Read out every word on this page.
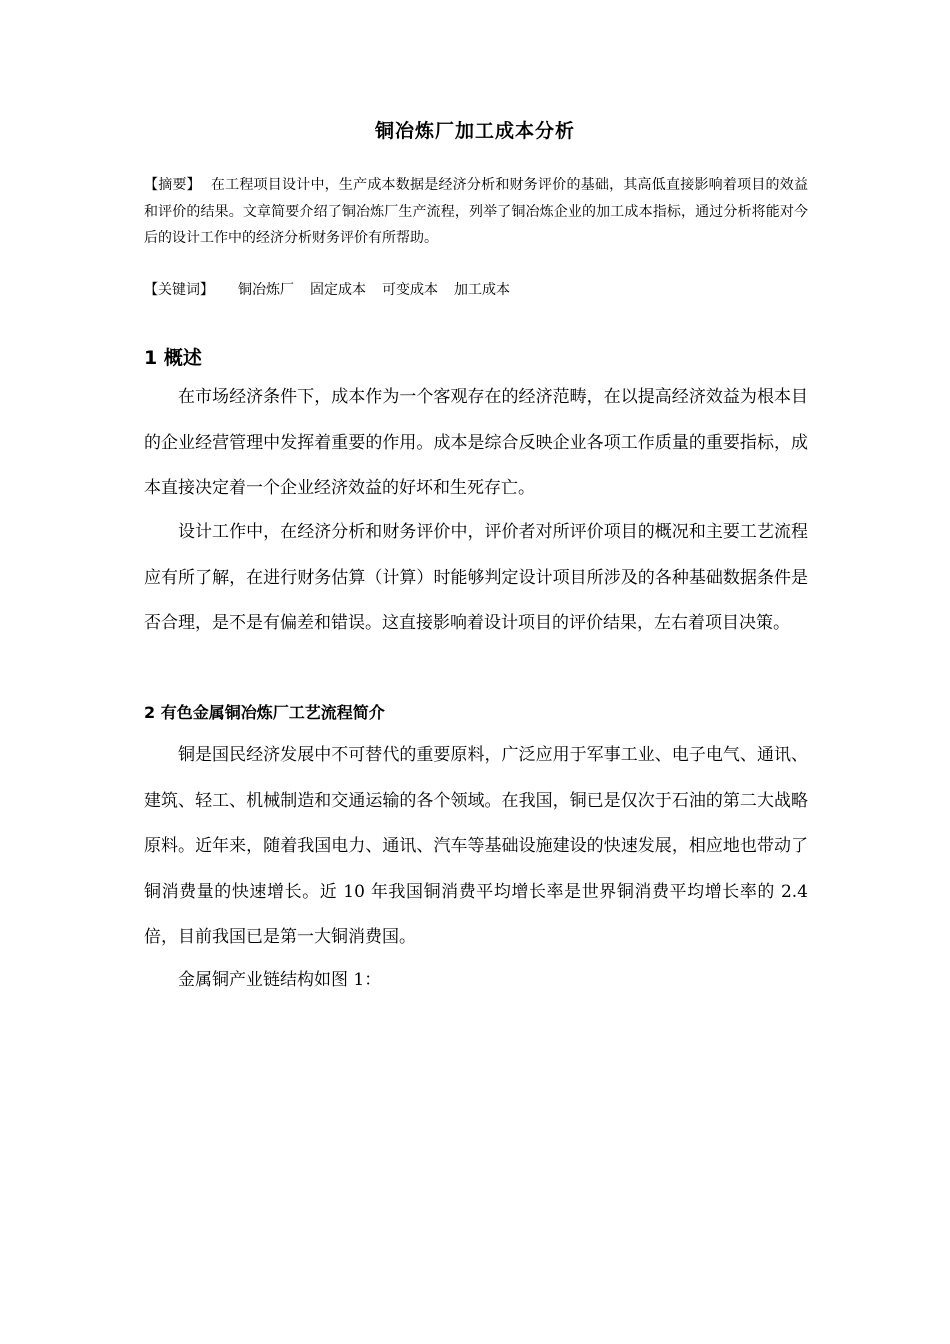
铜冶炼厂加工成本分析
【摘要】 在工程项目设计中，生产成本数据是经济分析和财务评价的基础，其高低直接影响着项目的效益和评价的结果。文章简要介绍了铜冶炼厂生产流程，列举了铜冶炼企业的加工成本指标，通过分析将能对今后的设计工作中的经济分析财务评价有所帮助。
【关键词】 铜冶炼厂 固定成本 可变成本 加工成本
1 概述

在市场经济条件下，成本作为一个客观存在的经济范畴，在以提高经济效益为根本目的企业经营管理中发挥着重要的作用。成本是综合反映企业各项工作质量的重要指标，成本直接决定着一个企业经济效益的好坏和生死存亡。

设计工作中，在经济分析和财务评价中，评价者对所评价项目的概况和主要工艺流程应有所了解，在进行财务估算（计算）时能够判定设计项目所涉及的各种基础数据条件是否合理，是不是有偏差和错误。这直接影响着设计项目的评价结果，左右着项目决策。

2 有色金属铜冶炼厂工艺流程简介

铜是国民经济发展中不可替代的重要原料，广泛应用于军事工业、电子电气、通讯、建筑、轻工、机械制造和交通运输的各个领域。在我国，铜已是仅次于石油的第二大战略原料。近年来，随着我国电力、通讯、汽车等基础设施建设的快速发展，相应地也带动了铜消费量的快速增长。近 10 年我国铜消费平均增长率是世界铜消费平均增长率的 2.4 倍，目前我国已是第一大铜消费国。

金属铜产业链结构如图 1：
